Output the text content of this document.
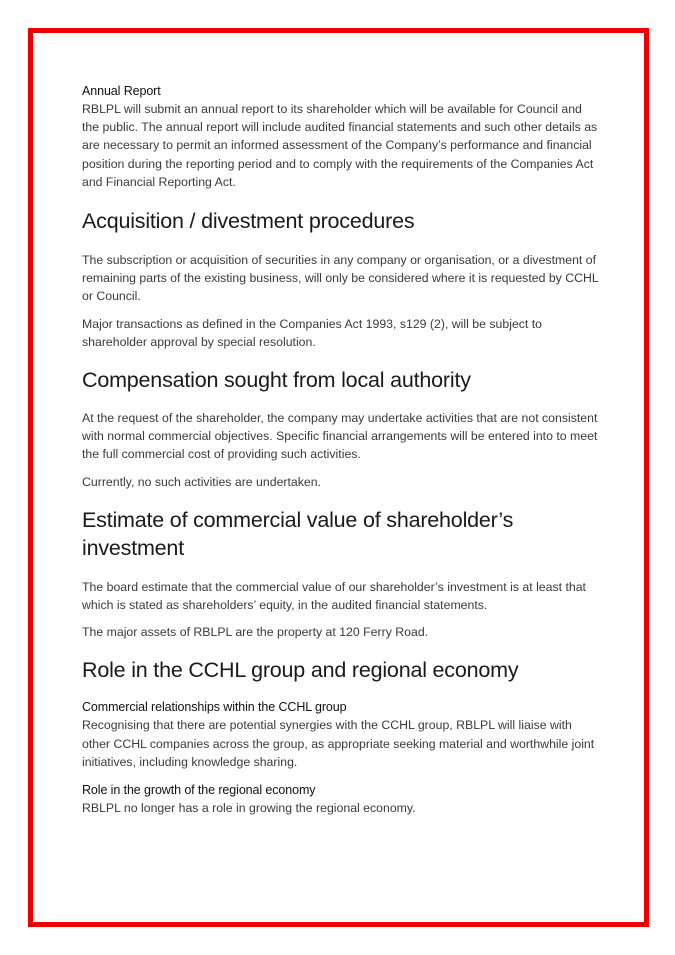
Annual Report

RBLPL will submit an annual report to its shareholder which will be available for Council and the public. The annual report will include audited financial statements and such other details as are necessary to permit an informed assessment of the Company’s performance and financial position during the reporting period and to comply with the requirements of the Companies Act and Financial Reporting Act.

Acquisition / divestment procedures

The subscription or acquisition of securities in any company or organisation, or a divestment of remaining parts of the existing business, will only be considered where it is requested by CCHL or Council.

Major transactions as defined in the Companies Act 1993, s129 (2), will be subject to shareholder approval by special resolution.

Compensation sought from local authority

At the request of the shareholder, the company may undertake activities that are not consistent with normal commercial objectives. Specific financial arrangements will be entered into to meet the full commercial cost of providing such activities.

Currently, no such activities are undertaken.

Estimate of commercial value of shareholder’s investment

The board estimate that the commercial value of our shareholder’s investment is at least that which is stated as shareholders’ equity, in the audited financial statements.

The major assets of RBLPL are the property at 120 Ferry Road.

Role in the CCHL group and regional economy

Commercial relationships within the CCHL group

Recognising that there are potential synergies with the CCHL group, RBLPL will liaise with other CCHL companies across the group, as appropriate seeking material and worthwhile joint initiatives, including knowledge sharing.

Role in the growth of the regional economy

RBLPL no longer has a role in growing the regional economy.
